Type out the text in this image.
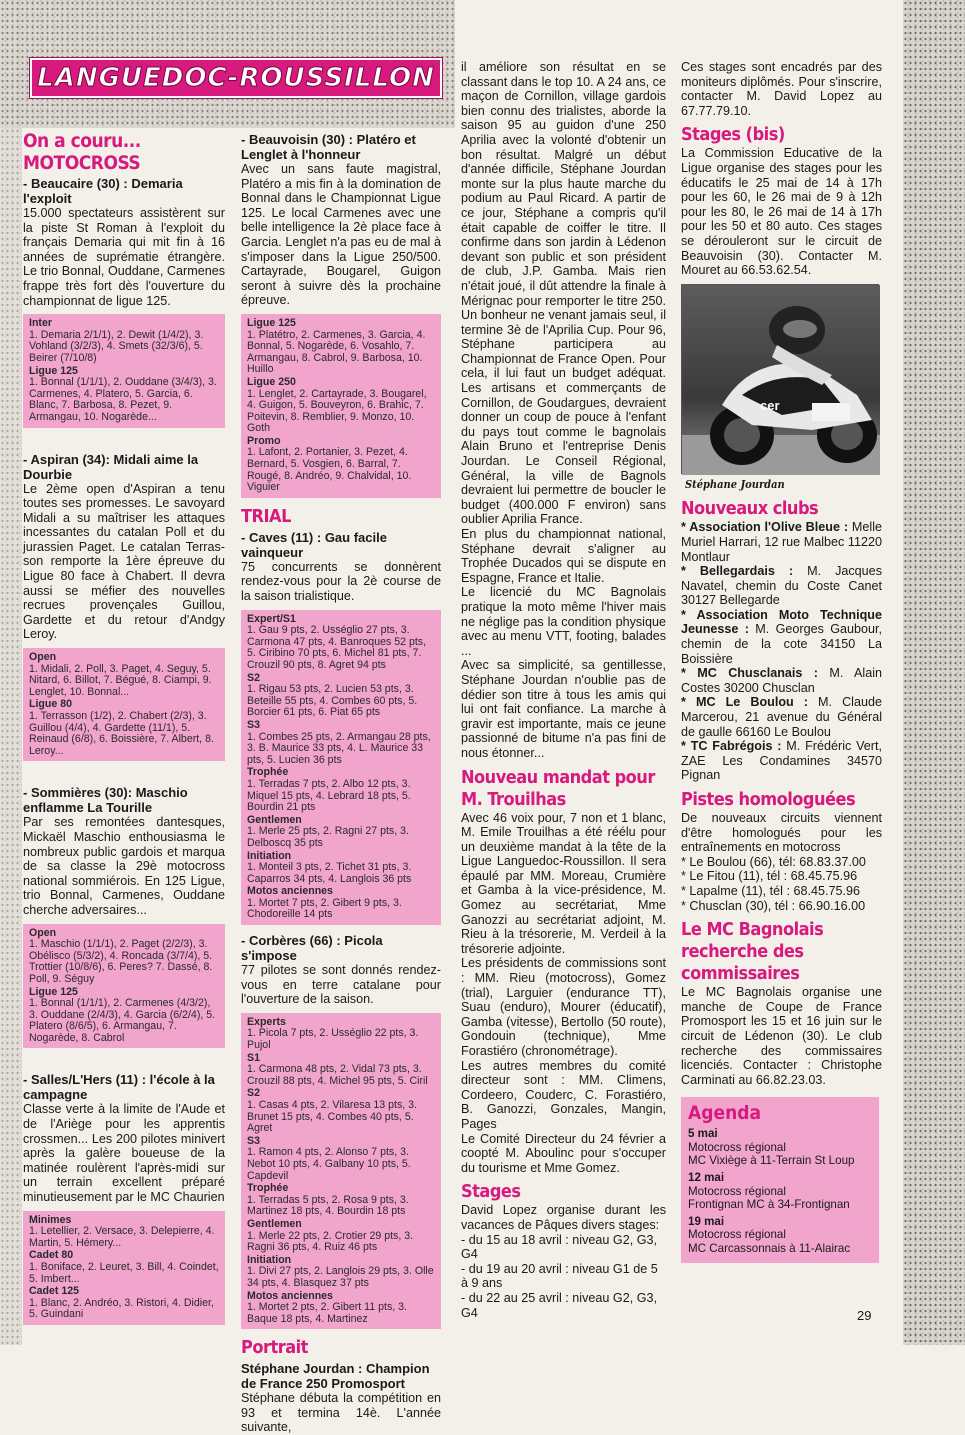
LANGUEDOC-ROUSSILLON
On a couru...
MOTOCROSS
- Beaucaire (30) : Demaria l'exploit

15.000 spectateurs assistèrent sur la piste St Roman à l'exploit du français Demaria qui mit fin à 16 années de suprématie étrangère. Le trio Bonnal, Ouddane, Carmenes frappe très fort dès l'ouverture du championnat de ligue 125.

Inter
1. Demaria 2/1/1), 2. Dewit (1/4/2), 3. Vohland (3/2/3), 4. Smets (32/3/6), 5. Beirer (7/10/8)
Ligue 125
1. Bonnal (1/1/1), 2. Ouddane (3/4/3), 3. Carmenes, 4. Platero, 5. Garcia, 6. Blanc, 7. Barbosa, 8. Pezet, 9. Armangau, 10. Nogarède...
- Aspiran (34): Midali aime la Dourbie

Le 2ème open d'Aspiran a tenu toutes ses promesses. Le savoyard Midali a su maîtriser les attaques incessantes du catalan Poll et du jurassien Paget. Le catalan Terras-son remporte la 1ère épreuve du Ligue 80 face à Chabert. Il devra aussi se méfier des nouvelles recrues provençales Guillou, Gardette et du retour d'Andgy Leroy.

Open
1. Midali, 2. Poll, 3. Paget, 4. Seguy, 5. Nitard, 6. Billot, 7. Bégué, 8. Ciampi, 9. Lenglet, 10. Bonnal...
Ligue 80
1. Terrasson (1/2), 2. Chabert (2/3), 3. Guillou (4/4), 4. Gardette (11/1), 5. Reinaud (6/8), 6. Boissière, 7. Albert, 8. Leroy...
- Sommières (30): Maschio enflamme La Tourille

Par ses remontées dantesques, Mickaël Maschio enthousiasma le nombreux public gardois et marqua de sa classe la 29è motocross national sommiérois. En 125 Ligue, trio Bonnal, Carmenes, Ouddane cherche adversaires...

Open
1. Maschio (1/1/1), 2. Paget (2/2/3), 3. Obélisco (5/3/2), 4. Roncada (3/7/4), 5. Trottier (10/8/6), 6. Peres? 7. Dassé, 8. Poll, 9. Séguy
Ligue 125
1. Bonnal (1/1/1), 2. Carmenes (4/3/2), 3. Ouddane (2/4/3), 4. Garcia (6/2/4), 5. Platero (8/6/5), 6. Armangau, 7. Nogarède, 8. Cabrol
- Salles/L'Hers (11) : l'école à la campagne

Classe verte à la limite de l'Aude et de l'Ariège pour les apprentis crossmen... Les 200 pilotes minivert après la galère boueuse de la matinée roulèrent l'après-midi sur un terrain excellent préparé minutieusement par le MC Chaurien

Minimes
1. Letellier, 2. Versace, 3. Delepierre, 4. Martin, 5. Hémery...
Cadet 80
1. Boniface, 2. Leuret, 3. Bill, 4. Coindet, 5. Imbert...
Cadet 125
1. Blanc, 2. Andréo, 3. Ristori, 4. Didier, 5. Guindani
- Beauvoisin (30) : Platéro et Lenglet à l'honneur

Avec un sans faute magistral, Platéro a mis fin à la domination de Bonnal dans le Championnat Ligue 125. Le local Carmenes avec une belle intelligence la 2è place face à Garcia. Lenglet n'a pas eu de mal à s'imposer dans la Ligue 250/500. Cartayrade, Bougarel, Guigon seront à suivre dès la prochaine épreuve.

Ligue 125
1. Platétro, 2. Carmenes, 3. Garcia, 4. Bonnal, 5. Nogarède, 6. Vosahlo, 7. Armangau, 8. Cabrol, 9. Barbosa, 10. Huillo
Ligue 250
1. Lenglet, 2. Cartayrade, 3. Bougarel, 4. Guigon, 5. Bouveyron, 6. Brahic, 7. Poitevin, 8. Remblier, 9. Monzo, 10. Goth
Promo
1. Lafont, 2. Portanier, 3. Pezet, 4. Bernard, 5. Vosgien, 6. Barral, 7. Rougé, 8. Andréo, 9. Chalvidal, 10. Viguier
TRIAL
- Caves (11) : Gau facile vainqueur

75 concurrents se donnèrent rendez-vous pour la 2è course de la saison trialistique.

Expert/S1
1. Gau 9 pts, 2. Usséglio 27 pts, 3. Carmona 47 pts, 4. Banroques 52 pts, 5. Ciribino 70 pts, 6. Michel 81 pts, 7. Crouzil 90 pts, 8. Agret 94 pts
S2
1. Rigau 53 pts, 2. Lucien 53 pts, 3. Beteille 55 pts, 4. Combes 60 pts, 5. Borcier 61 pts, 6. Piat 65 pts
S3
1. Combes 25 pts, 2. Armangau 28 pts, 3. B. Maurice 33 pts, 4. L. Maurice 33 pts, 5. Lucien 36 pts
Trophée
1. Terradas 7 pts, 2. Albo 12 pts, 3. Miquel 15 pts, 4. Lebrard 18 pts, 5. Bourdin 21 pts
Gentlemen
1. Merle 25 pts, 2. Ragni 27 pts, 3. Delboscq 35 pts
Initiation
1. Monteil 3 pts, 2. Tichet 31 pts, 3. Caparros 34 pts, 4. Langlois 36 pts
Motos anciennes
1. Mortet 7 pts, 2. Gibert 9 pts, 3. Chodoreille 14 pts
- Corbères (66) : Picola s'impose

77 pilotes se sont donnés rendez-vous en terre catalane pour l'ouverture de la saison.

Experts
1. Picola 7 pts, 2. Usséglio 22 pts, 3. Pujol
S1
1. Carmona 48 pts, 2. Vidal 73 pts, 3. Crouzil 88 pts, 4. Michel 95 pts, 5. Ciril
S2
1. Casas 4 pts, 2. Vilaresa 13 pts, 3. Brunet 15 pts, 4. Combes 40 pts, 5. Agret
S3
1. Ramon 4 pts, 2. Alonso 7 pts, 3. Nebot 10 pts, 4. Galbany 10 pts, 5. Capdevil
Trophée
1. Terradas 5 pts, 2. Rosa 9 pts, 3. Martinez 18 pts, 4. Bourdin 18 pts
Gentlemen
1. Merle 22 pts, 2. Crotier 29 pts, 3. Ragni 36 pts, 4. Ruiz 46 pts
Initiation
1. Divi 27 pts, 2. Langlois 29 pts, 3. Olle 34 pts, 4. Blasquez 37 pts
Motos anciennes
1. Mortet 2 pts, 2. Gibert 11 pts, 3. Baque 18 pts, 4. Martinez
Portrait
Stéphane Jourdan : Champion de France 250 Promosport

Stéphane débuta la compétition en 93 et termina 14è. L'année suivante,

il améliore son résultat en se classant dans le top 10. A 24 ans, ce maçon de Cornillon, village gardois bien connu des trialistes, aborde la saison 95 au guidon d'une 250 Aprilia avec la volonté d'obtenir un bon résultat. Malgré un début d'année difficile, Stéphane Jourdan monte sur la plus haute marche du podium au Paul Ricard. A partir de ce jour, Stéphane a compris qu'il était capable de coiffer le titre. Il confirme dans son jardin à Lédenon devant son public et son président de club, J.P. Gamba. Mais rien n'était joué, il dût attendre la finale à Mérignac pour remporter le titre 250. Un bonheur ne venant jamais seul, il termine 3è de l'Aprilia Cup. Pour 96, Stéphane participera au Championnat de France Open. Pour cela, il lui faut un budget adéquat. Les artisans et commerçants de Cornillon, de Goudargues, devraient donner un coup de pouce à l'enfant du pays tout comme le bagnolais Alain Bruno et l'entreprise Denis Jourdan. Le Conseil Régional, Général, la ville de Bagnols devraient lui permettre de boucler le budget (400.000 F environ) sans oublier Aprilia France.

En plus du championnat national, Stéphane devrait s'aligner au Trophée Ducados qui se dispute en Espagne, France et Italie.

Le licencié du MC Bagnolais pratique la moto même l'hiver mais ne néglige pas la condition physique avec au menu VTT, footing, balades ...

Avec sa simplicité, sa gentillesse, Stéphane Jourdan n'oublie pas de dédier son titre à tous les amis qui lui ont fait confiance. La marche à gravir est importante, mais ce jeune passionné de bitume n'a pas fini de nous étonner...

Nouveau mandat pour M. Trouilhas

Avec 46 voix pour, 7 non et 1 blanc, M. Emile Trouilhas a été réélu pour un deuxième mandat à la tête de la Ligue Languedoc-Roussillon. Il sera épaulé par MM. Moreau, Crumière et Gamba à la vice-présidence, M. Gomez au secrétariat, Mme Ganozzi au secrétariat adjoint, M. Rieu à la trésorerie, M. Verdeil à la trésorerie adjointe.

Les présidents de commissions sont : MM. Rieu (motocross), Gomez (trial), Larguier (endurance TT), Suau (enduro), Mourer (éducatif), Gamba (vitesse), Bertollo (50 route), Gondouin (technique), Mme Forastiéro (chronométrage).

Les autres membres du comité directeur sont : MM. Climens, Cordeero, Couderc, C. Forastiéro, B. Ganozzi, Gonzales, Mangin, Pages

Le Comité Directeur du 24 février a coopté M. Aboulinc pour s'occuper du tourisme et Mme Gomez.

Stages

David Lopez organise durant les vacances de Pâques divers stages:

- du 15 au 18 avril : niveau G2, G3, G4
- du 19 au 20 avril : niveau G1 de 5 à 9 ans
- du 22 au 25 avril : niveau G2, G3, G4

Ces stages sont encadrés par des moniteurs diplômés. Pour s'inscrire, contacter M. David Lopez au 67.77.79.10.

Stages (bis)

La Commission Educative de la Ligue organise des stages pour les éducatifs le 25 mai de 14 à 17h pour les 60, le 26 mai de 9 à 12h pour les 80, le 26 mai de 14 à 17h pour les 50 et 80 auto. Ces stages se dérouleront sur le circuit de Beauvoisin (30). Contacter M. Mouret au 66.53.62.54.

cer
Stéphane Jourdan
Nouveaux clubs

* Association l'Olive Bleue : Melle Muriel Harrari, 12 rue Malbec 11220 Montlaur

* Bellegardais : M. Jacques Navatel, chemin du Coste Canet 30127 Bellegarde

* Association Moto Technique Jeunesse : M. Georges Gaubour, chemin de la cote 34150 La Boissière

* MC Chusclanais : M. Alain Costes 30200 Chusclan

* MC Le Boulou : M. Claude Marcerou, 21 avenue du Général de gaulle 66160 Le Boulou

* TC Fabrégois : M. Frédéric Vert, ZAE Les Condamines 34570 Pignan

Pistes homologuées

De nouveaux circuits viennent d'être homologués pour les entraînements en motocross

* Le Boulou (66), tél: 68.83.37.00
* Le Fitou (11), tél : 68.45.75.96
* Lapalme (11), tél : 68.45.75.96
* Chusclan (30), tél : 66.90.16.00
Le MC Bagnolais recherche des commissaires

Le MC Bagnolais organise une manche de Coupe de France Promosport les 15 et 16 juin sur le circuit de Lédenon (30). Le club recherche des commissaires licenciés. Contacter : Christophe Carminati au 66.82.23.03.

Agenda
5 mai
Motocross régional
MC Vixiège à 11-Terrain St Loup
12 mai
Motocross régional
Frontignan MC à 34-Frontignan
19 mai
Motocross régional
MC Carcassonnais à 11-Alairac
29
